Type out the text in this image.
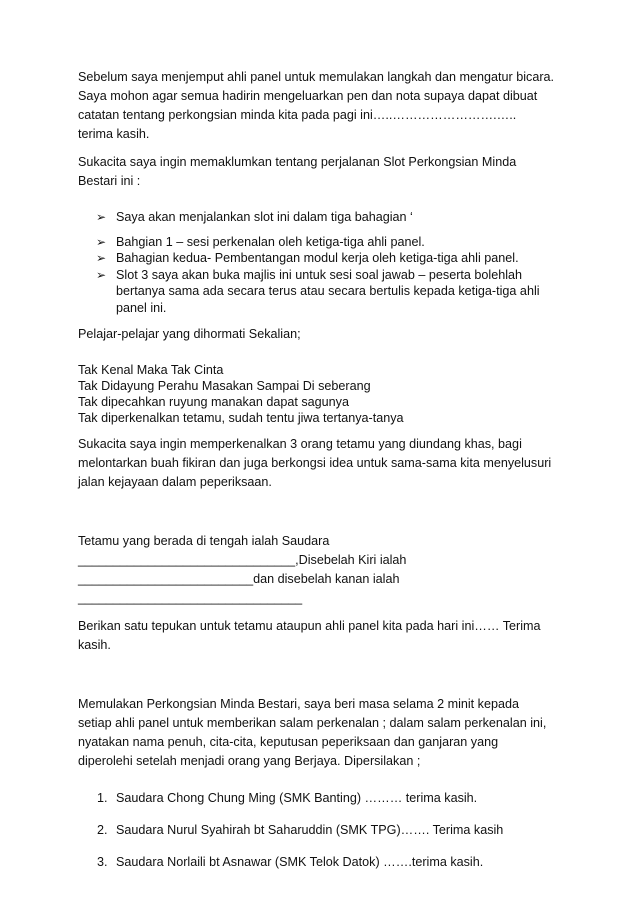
Sebelum saya menjemput ahli panel untuk memulakan langkah dan mengatur bicara.
Saya mohon agar semua hadirin mengeluarkan pen dan nota supaya dapat dibuat
catatan tentang perkongsian minda kita pada pagi ini…..…………………….…..
terima kasih.

Sukacita saya ingin memaklumkan tentang perjalanan Slot Perkongsian Minda
Bestari ini :

➢ Saya akan menjalankan slot ini dalam tiga bahagian ‘
➢ Bahgian 1 – sesi perkenalan oleh ketiga-tiga ahli panel.
➢ Bahagian kedua- Pembentangan modul kerja oleh ketiga-tiga ahli panel.
➢ Slot 3 saya akan buka majlis ini untuk sesi soal jawab – peserta bolehlah
bertanya sama ada secara terus atau secara bertulis kepada ketiga-tiga ahli
panel ini.

Pelajar-pelajar yang dihormati Sekalian;

Tak Kenal Maka Tak Cinta
Tak Didayung Perahu Masakan Sampai Di seberang
Tak dipecahkan ruyung manakan dapat sagunya
Tak diperkenalkan tetamu, sudah tentu jiwa tertanya-tanya

Sukacita saya ingin memperkenalkan 3 orang tetamu yang diundang khas, bagi
melontarkan buah fikiran dan juga berkongsi idea untuk sama-sama kita menyelusuri
jalan kejayaan dalam peperiksaan.

Tetamu yang berada di tengah ialah Saudara
_______________________________,Disebelah Kiri ialah
_________________________dan disebelah kanan ialah
________________________________

Berikan satu tepukan untuk tetamu ataupun ahli panel kita pada hari ini…… Terima
kasih.

Memulakan Perkongsian Minda Bestari, saya beri masa selama 2 minit kepada
setiap ahli panel untuk memberikan salam perkenalan ; dalam salam perkenalan ini,
nyatakan nama penuh, cita-cita, keputusan peperiksaan dan ganjaran yang
diperolehi setelah menjadi orang yang Berjaya. Dipersilakan ;

1. Saudara Chong Chung Ming (SMK Banting) ……… terima kasih.
2. Saudara Nurul Syahirah bt Saharuddin (SMK TPG)……. Terima kasih
3. Saudara Norlaili bt Asnawar (SMK Telok Datok) …….terima kasih.
